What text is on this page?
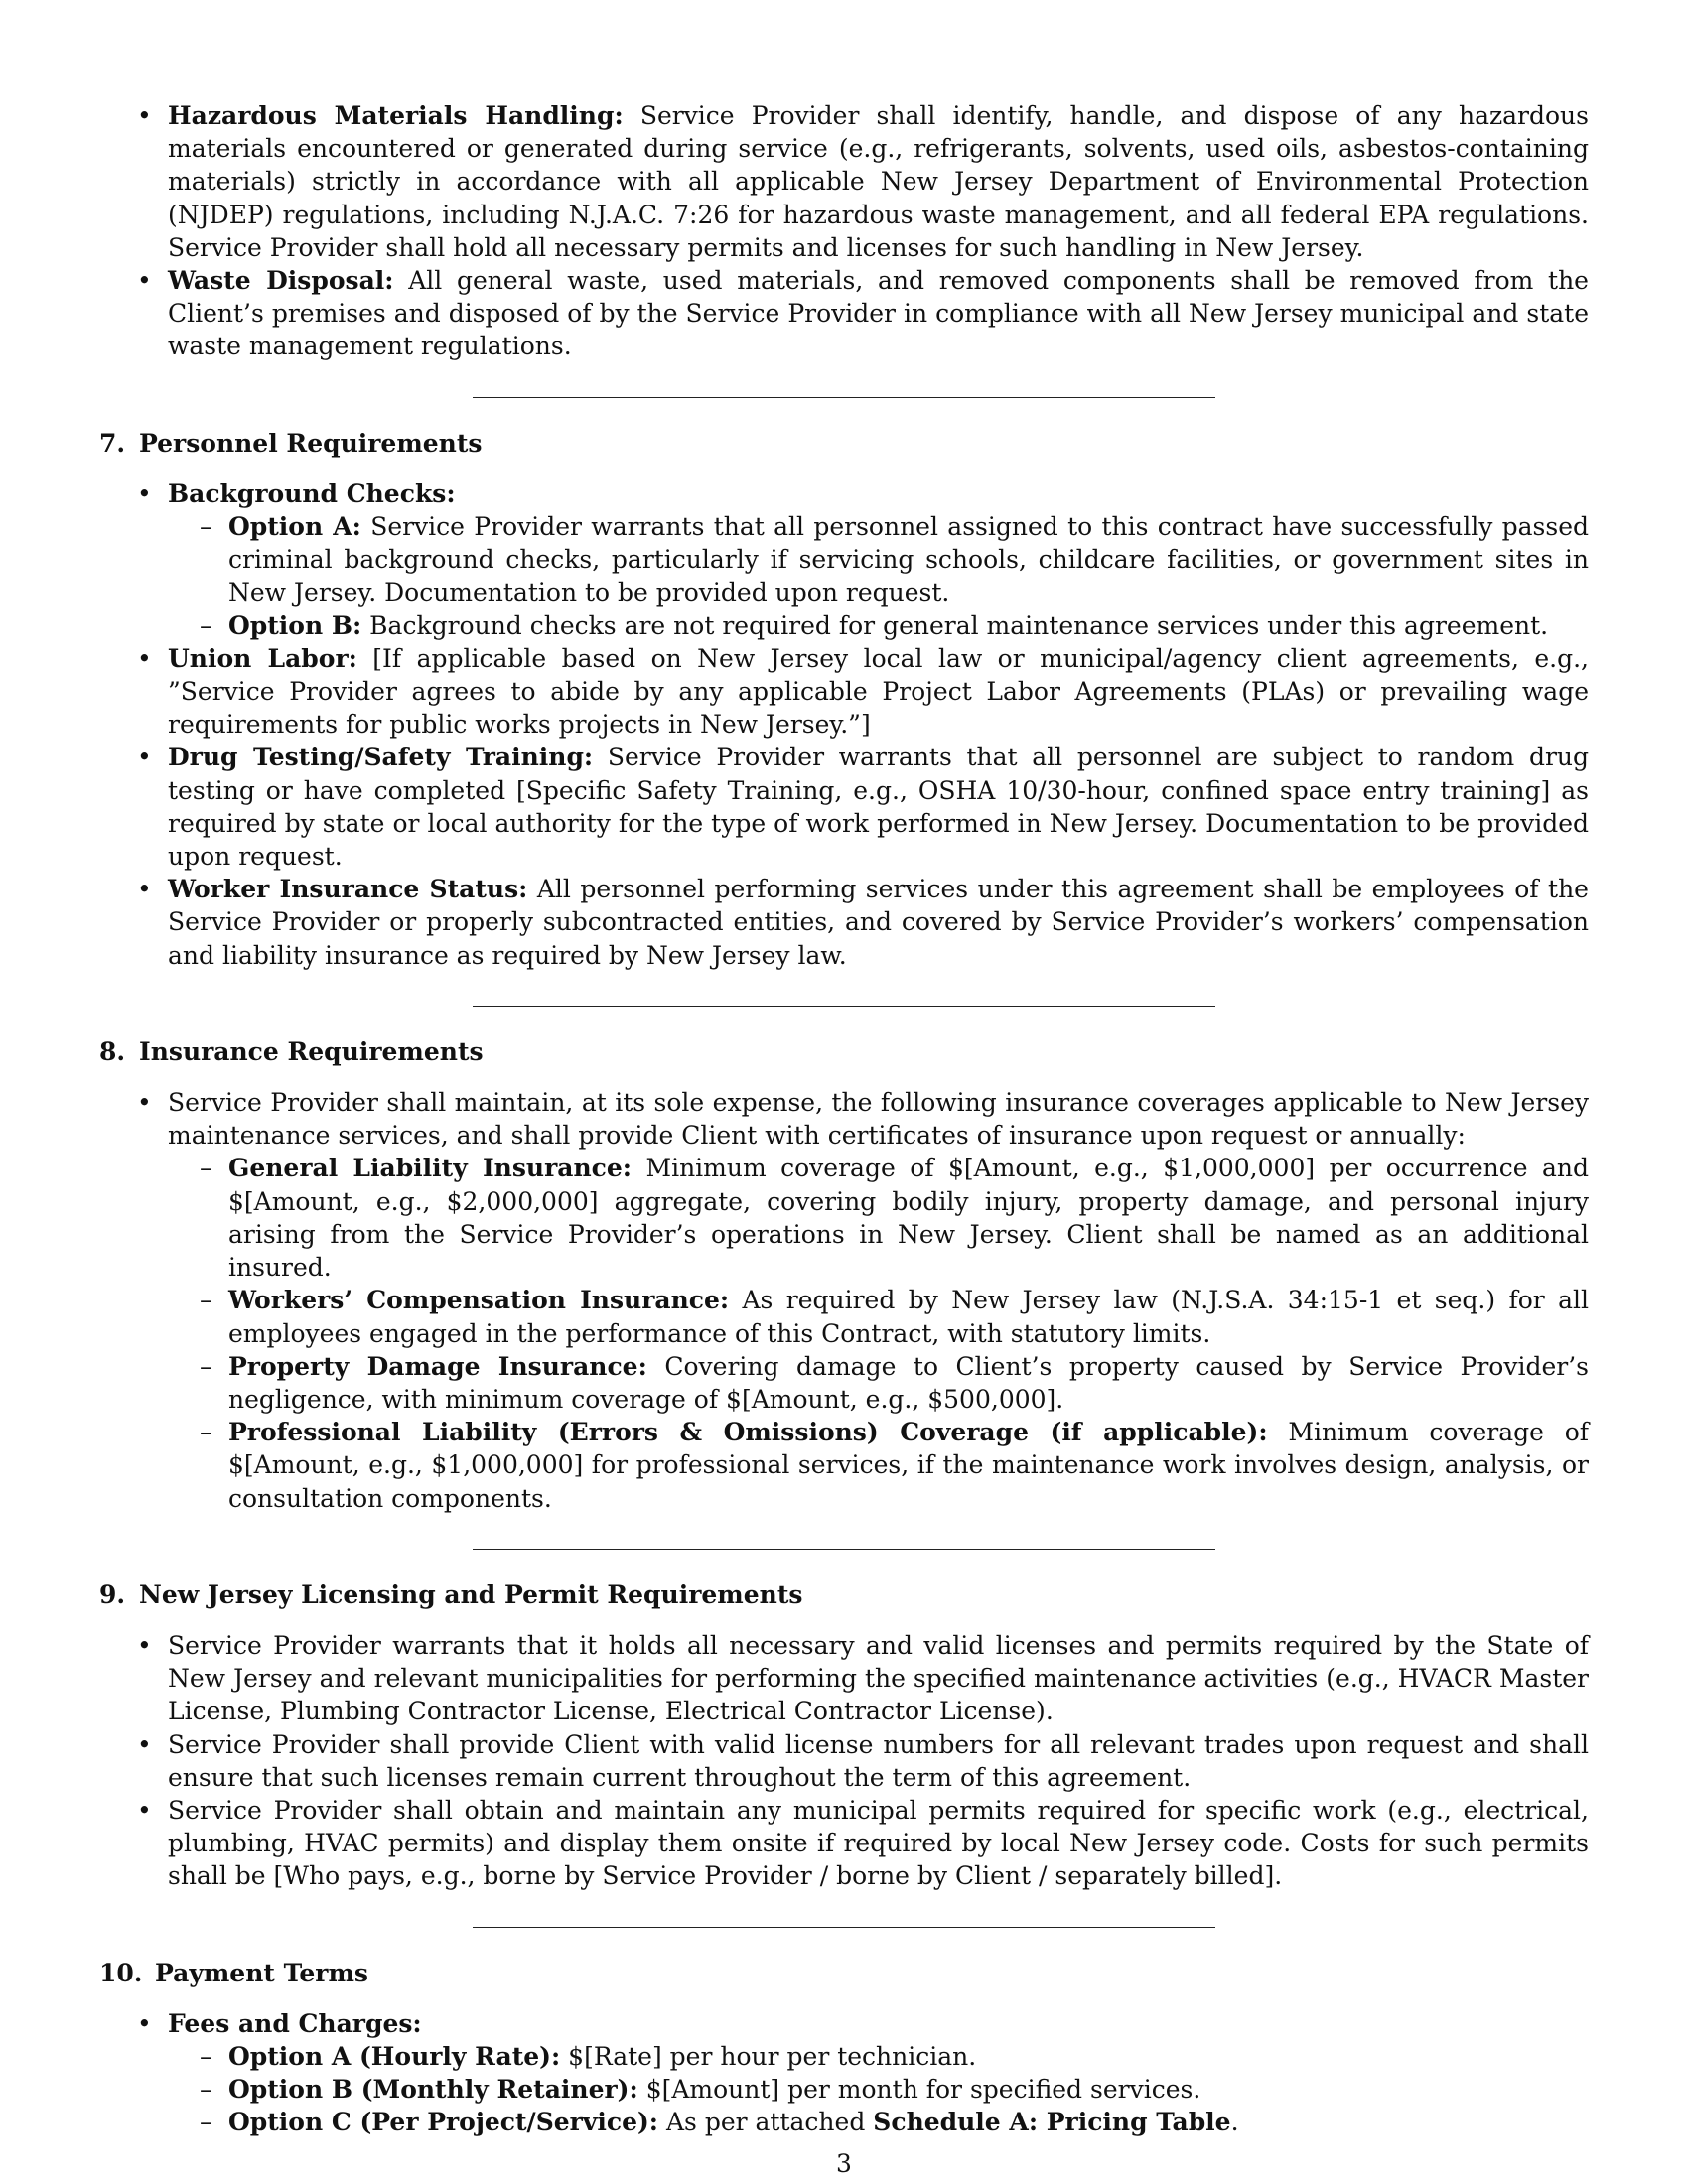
• Hazardous Materials Handling: Service Provider shall identify, handle, and dispose of any hazardous materials encountered or generated during service (e.g., refrigerants, solvents, used oils, asbestos-containing materials) strictly in accordance with all applicable New Jersey Department of Environmental Protection (NJDEP) regulations, including N.J.A.C. 7:26 for hazardous waste management, and all federal EPA regulations. Service Provider shall hold all necessary permits and licenses for such handling in New Jersey.
• Waste Disposal: All general waste, used materials, and removed components shall be removed from the Client’s premises and disposed of by the Service Provider in compliance with all New Jersey municipal and state waste management regulations.
7. Personnel Requirements
• Background Checks:
– Option A: Service Provider warrants that all personnel assigned to this contract have successfully passed criminal background checks, particularly if servicing schools, childcare facilities, or government sites in New Jersey. Documentation to be provided upon request.
– Option B: Background checks are not required for general maintenance services under this agreement.
• Union Labor: [If applicable based on New Jersey local law or municipal/agency client agreements, e.g., ”Service Provider agrees to abide by any applicable Project Labor Agreements (PLAs) or prevailing wage requirements for public works projects in New Jersey.”]
• Drug Testing/Safety Training: Service Provider warrants that all personnel are subject to random drug testing or have completed [Specific Safety Training, e.g., OSHA 10/30-hour, confined space entry training] as required by state or local authority for the type of work performed in New Jersey. Documentation to be provided upon request.
• Worker Insurance Status: All personnel performing services under this agreement shall be employees of the Service Provider or properly subcontracted entities, and covered by Service Provider’s workers’ compensation and liability insurance as required by New Jersey law.
8. Insurance Requirements
• Service Provider shall maintain, at its sole expense, the following insurance coverages applicable to New Jersey maintenance services, and shall provide Client with certificates of insurance upon request or annually:
– General Liability Insurance: Minimum coverage of $[Amount, e.g., $1,000,000] per occurrence and $[Amount, e.g., $2,000,000] aggregate, covering bodily injury, property damage, and personal injury arising from the Service Provider’s operations in New Jersey. Client shall be named as an additional insured.
– Workers’ Compensation Insurance: As required by New Jersey law (N.J.S.A. 34:15-1 et seq.) for all employees engaged in the performance of this Contract, with statutory limits.
– Property Damage Insurance: Covering damage to Client’s property caused by Service Provider’s negligence, with minimum coverage of $[Amount, e.g., $500,000].
– Professional Liability (Errors & Omissions) Coverage (if applicable): Minimum coverage of $[Amount, e.g., $1,000,000] for professional services, if the maintenance work involves design, analysis, or consultation components.
9. New Jersey Licensing and Permit Requirements
• Service Provider warrants that it holds all necessary and valid licenses and permits required by the State of New Jersey and relevant municipalities for performing the specified maintenance activities (e.g., HVACR Master License, Plumbing Contractor License, Electrical Contractor License).
• Service Provider shall provide Client with valid license numbers for all relevant trades upon request and shall ensure that such licenses remain current throughout the term of this agreement.
• Service Provider shall obtain and maintain any municipal permits required for specific work (e.g., electrical, plumbing, HVAC permits) and display them onsite if required by local New Jersey code. Costs for such permits shall be [Who pays, e.g., borne by Service Provider / borne by Client / separately billed].
10. Payment Terms
• Fees and Charges:
– Option A (Hourly Rate): $[Rate] per hour per technician.
– Option B (Monthly Retainer): $[Amount] per month for specified services.
– Option C (Per Project/Service): As per attached Schedule A: Pricing Table.
3
